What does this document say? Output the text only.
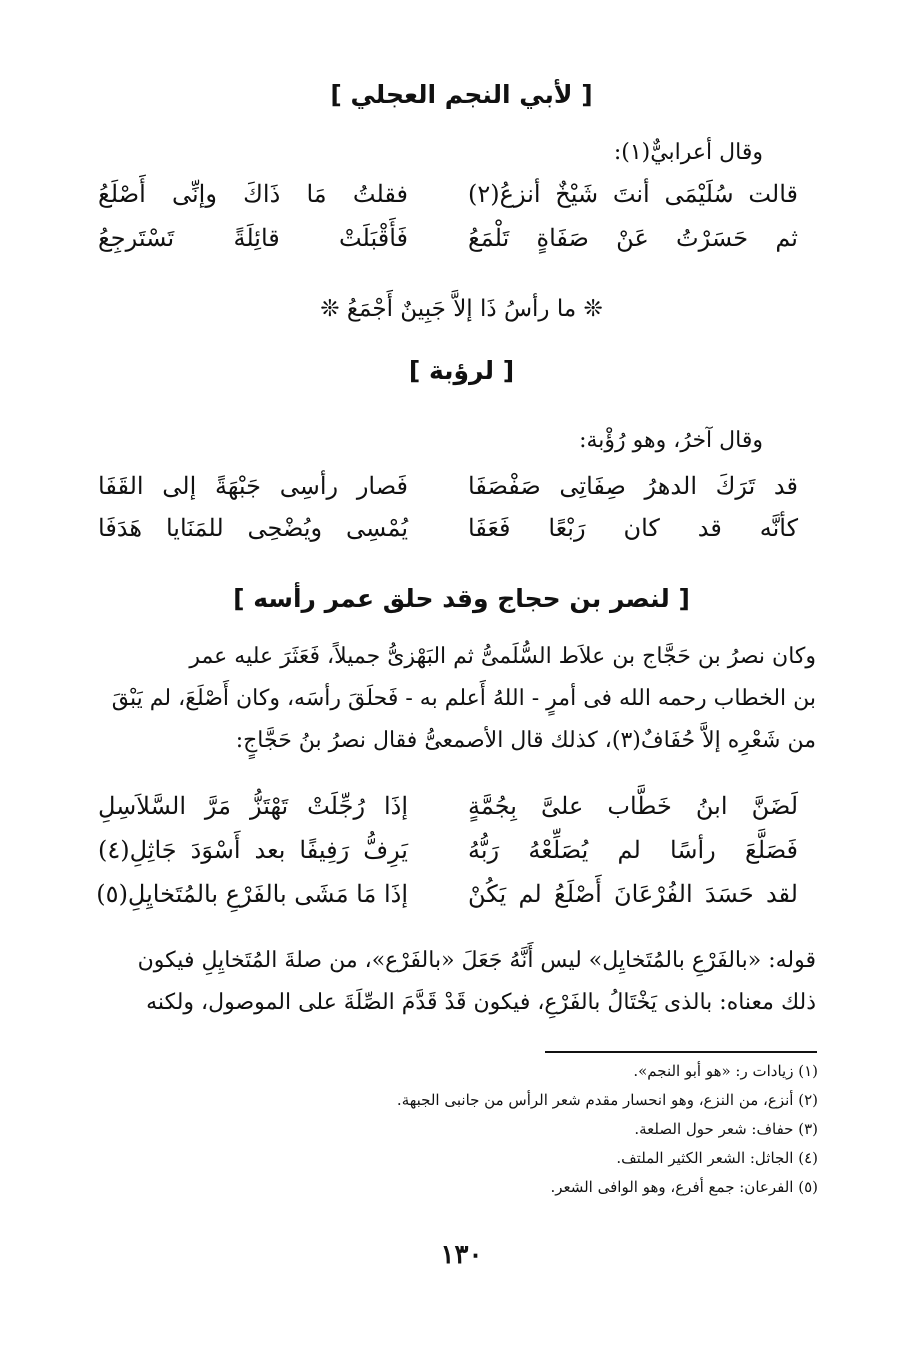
[ لأبي النجم العجلي ]
وقال أعرابيٌّ(١):
قالت سُلَيْمَى أنتَ شَيْخٌ أنزعُ(٢)
فقلتُ مَا ذَاكَ وإنِّى أَصْلَعُ
ثم حَسَرْتُ عَنْ صَفَاةٍ تَلْمَعُ
فَأَقْبَلَتْ قائِلَةً تَسْتَرجِعُ
❊ ما رأسُ ذَا إلاَّ جَبِينٌ أَجْمَعُ ❊
[ لرؤبة ]
وقال آخرُ، وهو رُؤْبة:
قد تَرَكَ الدهرُ صِفَاتِى صَفْصَفَا
فَصار رأسِى جَبْهَةً إلى القَفَا
كأنَّه قد كان رَبْعًا فَعَفَا
يُمْسِى ويُضْحِى للمَنَايا هَدَفَا
[ لنصر بن حجاج وقد حلق عمر رأسه ]

وكان نصرُ بن حَجَّاج بن علاَط السُّلَمىُّ ثم البَهْزىُّ جميلاً، فَعَثَرَ عليه عمر

بن الخطاب رحمه الله فى أمرٍ - اللهُ أَعلم به - فَحلَقَ رأسَه، وكان أَصْلَعَ، لم يَبْقَ

من شَعْرِه إلاَّ حُفَافٌ(٣)، كذلك قال الأصمعىُّ فقال نصرُ بنُ حَجَّاجٍ:

لَضَنَّ ابنُ خَطَّاب علىَّ بِجُمَّةٍ
إذَا رُجِّلَتْ تَهْتَزُّ مَرَّ السَّلاَسِلِ
فَصَلَّعَ رأسًا لم يُصَلِّعْهُ رَبُّهُ
يَرِفُّ رَفِيفًا بعد أَسْوَدَ جَاثِلِ(٤)
لقد حَسَدَ الفُرْعَانَ أَصْلَعُ لم يَكُنْ
إذَا مَا مَشَى بالفَرْعِ بالمُتَخايِلِ(٥)

قوله: «بالفَرْعِ بالمُتَخايِل» ليس أَنَّهُ جَعَلَ «بالفَرْع»، من صلةَ المُتَخايِلِ فيكون

ذلك معناه: بالذى يَخْتَالُ بالفَرْعِ، فيكون قَدْ قَدَّمَ الصِّلَةَ على الموصول، ولكنه

(١) زيادات ر: «هو أبو النجم».
(٢) أنزع، من النزع، وهو انحسار مقدم شعر الرأس من جانبى الجبهة.
(٣) حفاف: شعر حول الصلعة.
(٤) الجاثل: الشعر الكثير الملتف.
(٥) الفرعان: جمع أفرع، وهو الوافى الشعر.
١٣٠
